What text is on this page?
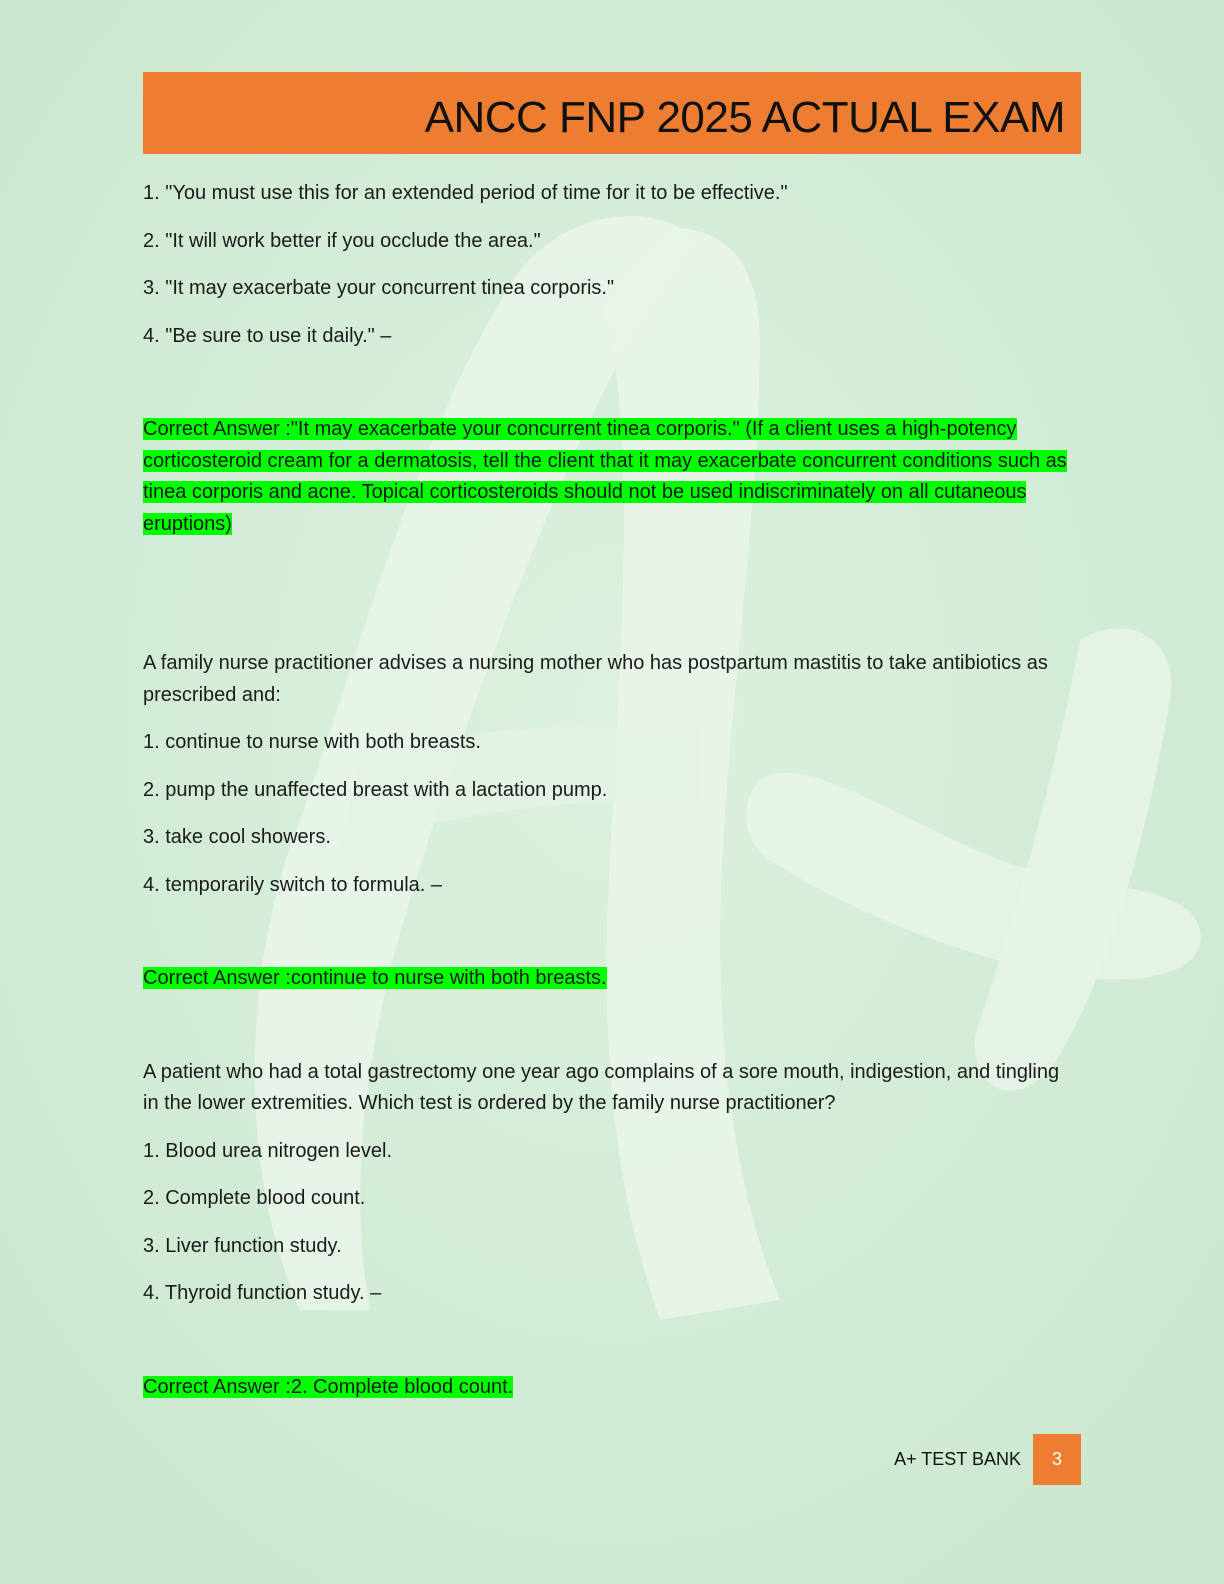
ANCC FNP 2025 ACTUAL EXAM

1. "You must use this for an extended period of time for it to be effective."

2. "It will work better if you occlude the area."

3. "It may exacerbate your concurrent tinea corporis."

4. "Be sure to use it daily." –

Correct Answer :"It may exacerbate your concurrent tinea corporis." (If a client uses a high-potency corticosteroid cream for a dermatosis, tell the client that it may exacerbate concurrent conditions such as tinea corporis and acne. Topical corticosteroids should not be used indiscriminately on all cutaneous eruptions)

A family nurse practitioner advises a nursing mother who has postpartum mastitis to take antibiotics as prescribed and:

1. continue to nurse with both breasts.

2. pump the unaffected breast with a lactation pump.

3. take cool showers.

4. temporarily switch to formula. –

Correct Answer :continue to nurse with both breasts.

A patient who had a total gastrectomy one year ago complains of a sore mouth, indigestion, and tingling in the lower extremities. Which test is ordered by the family nurse practitioner?

1. Blood urea nitrogen level.

2. Complete blood count.

3. Liver function study.

4. Thyroid function study. –

Correct Answer :2. Complete blood count.

A+ TEST BANK	3
